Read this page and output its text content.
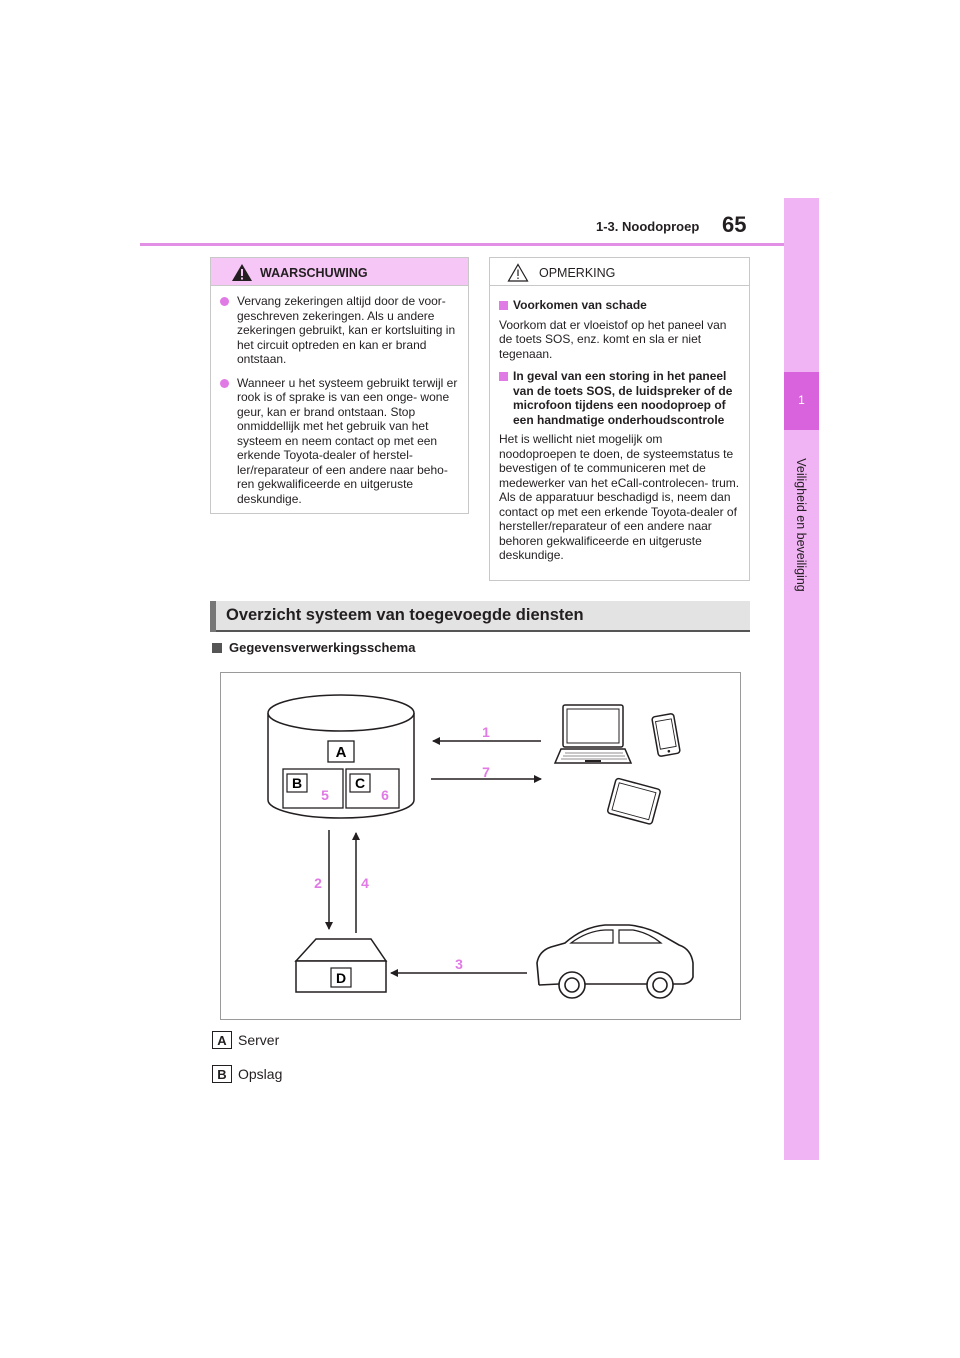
1-3. Noodoproep 65
1
Veiligheid en beveiliging
WAARSCHUWING
Vervang zekeringen altijd door de voor- geschreven zekeringen. Als u andere zekeringen gebruikt, kan er kortsluiting in het circuit optreden en kan er brand ontstaan.
Wanneer u het systeem gebruikt terwijl er rook is of sprake is van een onge- wone geur, kan er brand ontstaan. Stop onmiddellijk met het gebruik van het systeem en neem contact op met een erkende Toyota-dealer of herstel- ler/reparateur of een andere naar beho- ren gekwalificeerde en uitgeruste deskundige.
OPMERKING
Voorkomen van schade
Voorkom dat er vloeistof op het paneel van de toets SOS, enz. komt en sla er niet tegenaan.
In geval van een storing in het paneel van de toets SOS, de luidspreker of de microfoon tijdens een noodoproep of een handmatige onderhoudscontrole
Het is wellicht niet mogelijk om noodoproepen te doen, de systeemstatus te bevestigen of te communiceren met de medewerker van het eCall-controlecen- trum. Als de apparatuur beschadigd is, neem dan contact op met een erkende Toyota-dealer of hersteller/reparateur of een andere naar behoren gekwalificeerde en uitgeruste deskundige.
Overzicht systeem van toegevoegde diensten
Gegevensverwerkingsschema
A
B	C
5	6
1
7
2	4
D
3
A Server
B Opslag
